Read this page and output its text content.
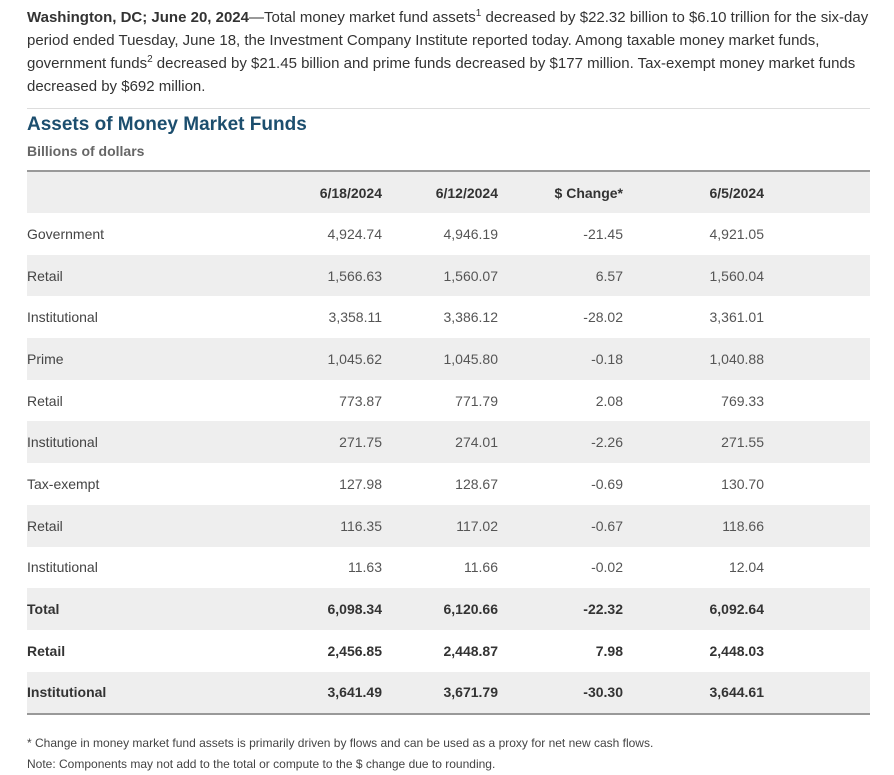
Washington, DC; June 20, 2024—Total money market fund assets$^1$ decreased by $22.32 billion to $6.10 trillion for the six-day period ended Tuesday, June 18, the Investment Company Institute reported today. Among taxable money market funds, government funds$^2$ decreased by $21.45 billion and prime funds decreased by $177 million. Tax-exempt money market funds decreased by $692 million.
Assets of Money Market Funds
Billions of dollars
	6/18/2024	6/12/2024	$ Change*	6/5/2024	
Government	4,924.74	4,946.19	-21.45	4,921.05	
Retail	1,566.63	1,560.07	6.57	1,560.04	
Institutional	3,358.11	3,386.12	-28.02	3,361.01	
Prime	1,045.62	1,045.80	-0.18	1,040.88	
Retail	773.87	771.79	2.08	769.33	
Institutional	271.75	274.01	-2.26	271.55	
Tax-exempt	127.98	128.67	-0.69	130.70	
Retail	116.35	117.02	-0.67	118.66	
Institutional	11.63	11.66	-0.02	12.04	
Total	6,098.34	6,120.66	-22.32	6,092.64	
Retail	2,456.85	2,448.87	7.98	2,448.03	
Institutional	3,641.49	3,671.79	-30.30	3,644.61	
* Change in money market fund assets is primarily driven by flows and can be used as a proxy for net new cash flows.
Note: Components may not add to the total or compute to the $ change due to rounding.
